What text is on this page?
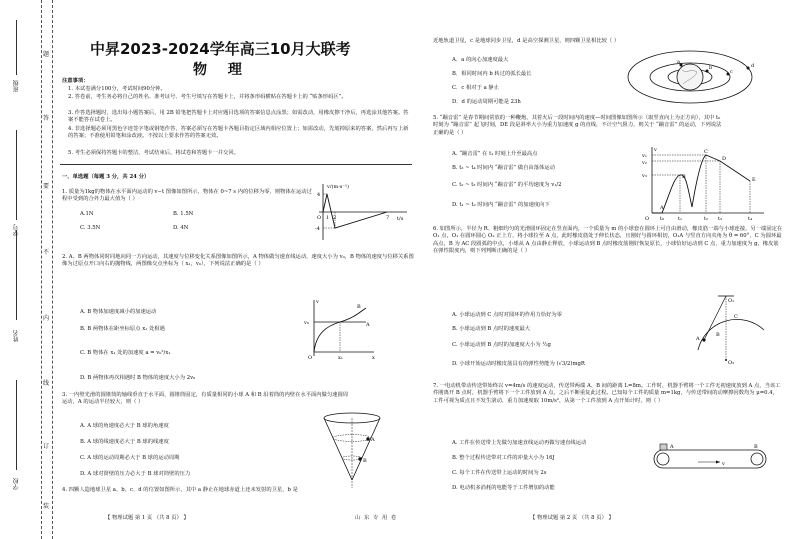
学校
姓名
学号
班级
装
订
线
内
不
要
答
题	中昇2023-2024学年高三10月大联考
物 理
注意事项：
1. 本试卷满分100分，考试时间90分钟。
2. 答卷前，考生务必将自己的姓名、准考证号、考生号填写在答题卡上，并将条形码横贴在答题卡上的 “贴条形码区”。
3. 作答选择题时，选出每小题答案后，用 2B 铅笔把答题卡上对应题目选项的答案信息点涂黑；如需改动，用橡皮擦干净后，再选涂其他答案。答案不能答在试卷上。
4. 非选择题必须用黑色字迹签字笔或钢笔作答，答案必须写在答题卡各题目指定区域内相应位置上；如需改动，先划掉原来的答案，然后再写上新的答案；不准使用铅笔和涂改液。不按以上要求作答的答案无效。
5. 考生必须保持答题卡的整洁，考试结束后，将试卷和答题卡一并交回。
一、单选题（每题 3 分，共 24 分）
1. 质量为1kg的物体在水平面内运动的 v−t 图像如图所示，物体在 0~7 s 内的位移为零，则物体在运动过程中受到的合外力最大值为（ ）
A.1N	B. 1.5N
C. 3.5N	D. 4N
v/(m·s⁻¹)
t/s
4
-4
1 2	7
O
2. A、B 两物体同时同地向同一方向运动，其速度与位移变化关系图像如图所示，A 物体做匀速直线运动，速度大小为 v₀，B 物体的速度与位移关系图像为过原点开口向右的抛物线，两图像交点坐标为（ x₁，v₀），下列说法正确的是（ ）
A. B 物体加速度减小的加速运动
B. B 两物体在距坐标原点 x₁ 处相遇
C. B 物体在 x₁ 处的加速度 a = v₀²/x₁
D. B 两物体再次相遇时 B 物体的速度大小为 2v₀
v
x
v₀
x₁
A
B
O
3. 一内壁光滑的圆锥筒的轴线垂直于水平面，圆锥筒固定，有质量相同的小球 A 和 B 沿着筒的内壁在水平面内做匀速圆周运动，A 的运动半径较大，则（ ）
A. A 球的角速度必大于 B 球的角速度
B. A 球的线速度必大于 B 球的线速度
C. A 球的运动周期必大于 B 球的运动周期
D. A 球对筒壁的压力必大于 B 球对筒壁的压力
A
B
4. 四颗人造地球卫星 a、b、c、d 的位置如图所示，其中 a 静止在地球赤道上还未发射的卫星，b 是
【 物理试题 第 1 页 （共 8 页） 】	山 东 专 用 卷	【 物理试题 第 2 页 （共 8 页） 】
近地轨道卫星，c 是地球同步卫星，d 是高空探测卫星，则四颗卫星相比较（ ）
A．a 的向心加速度最大
B．相同时间内 b 转过的弧长最长
C．c 相对于 a 静止
D．d 的运动周期可能是 23h
a
b
c
d
5. “蹦音雷” 是春节期间常放的一种鞭炮，其着火后一段时间内的速度—时间图像如图所示（取竖直向上为正方向），其中 t₀ 时刻为 “蹦音雷” 起飞时刻，DE 段是斜率大小为重力加速度 g 的直线，不计空气阻力，则关于 “蹦音雷” 的运动，下列说法正确的是（ ）
A. “蹦音雷” 在 t₁ 时刻上升至最高点
B. t₃ ~ t₄ 时间内 “蹦音雷” 做自由落体运动
C. t₂ ~ t₃ 时间内 “蹦音雷” 的平均速度为 v₁/2
D. t₁ ~ t₂ 时间内 “蹦音雷” 的加速度向下
v
A
B
C
D
E
v₁
v₂
v₃
t₀	t₁	t₂ t₃	t₄
O
6. 如图所示，半径为 R、粗细均匀的光滑圆环固定在竖直面内，一个质量为 m 的小球套在圆环上可自由滑动，橡皮筋一端与小球连接，另一端固定在 O₁ 点，O₁ 在圆环圆心 O₂ 正上方，将小球拉至 A 点，此时橡皮筋处于伸长状态，且刚好与圆环相切，O₁A 与竖直方向夹角为 θ = 60°，C 为圆环最高点，B 为 AC 段圆弧的中点，小球从 A 点由静止释放，小球运动到 B 点时橡皮筋刚好恢复原长，小球恰好运动到 C 点，重力加速度为 g，橡皮筋在弹性限度内，则下列判断正确的是（ ）
A. 小球运动到 C 点时对圆环的作用力恰好为零
B. 小球运动到 B 点时的速度最大
C. 小球运动到 B 点时的加速度大小为 ½g
D. 小球开始运动时橡皮筋具有的弹性势能为 (√3/2)mgR
O₁
O₂
A
B
C
7. 一电动机带动传送带始终以 v=4m/s 的速度运动，传送带两端 A、B 间的距离 L=8m。工作时，机器手臂将一个工件无初速度放到 A 点，当该工件刚离开 B 点时，机器手臂将下一个工件放到 A 点，之后不断重复此过程。已知每个工件的质量 m=1kg，与传送带间的动摩擦因数均为 μ=0.4，工件可视为质点且不发生滚动，重力加速度取 10m/s²，从第一个工件放到 A 点开始计时，则（ ）
A. 工件在传送带上先做匀加速直线运动再做匀速直线运动
B. 整个过程传送带对工件的冲量大小为 16J
C. 每个工件在传送带上运动的时间为 2s
D. 电动机多消耗的电能等于工件增加的动能
A	B
v
